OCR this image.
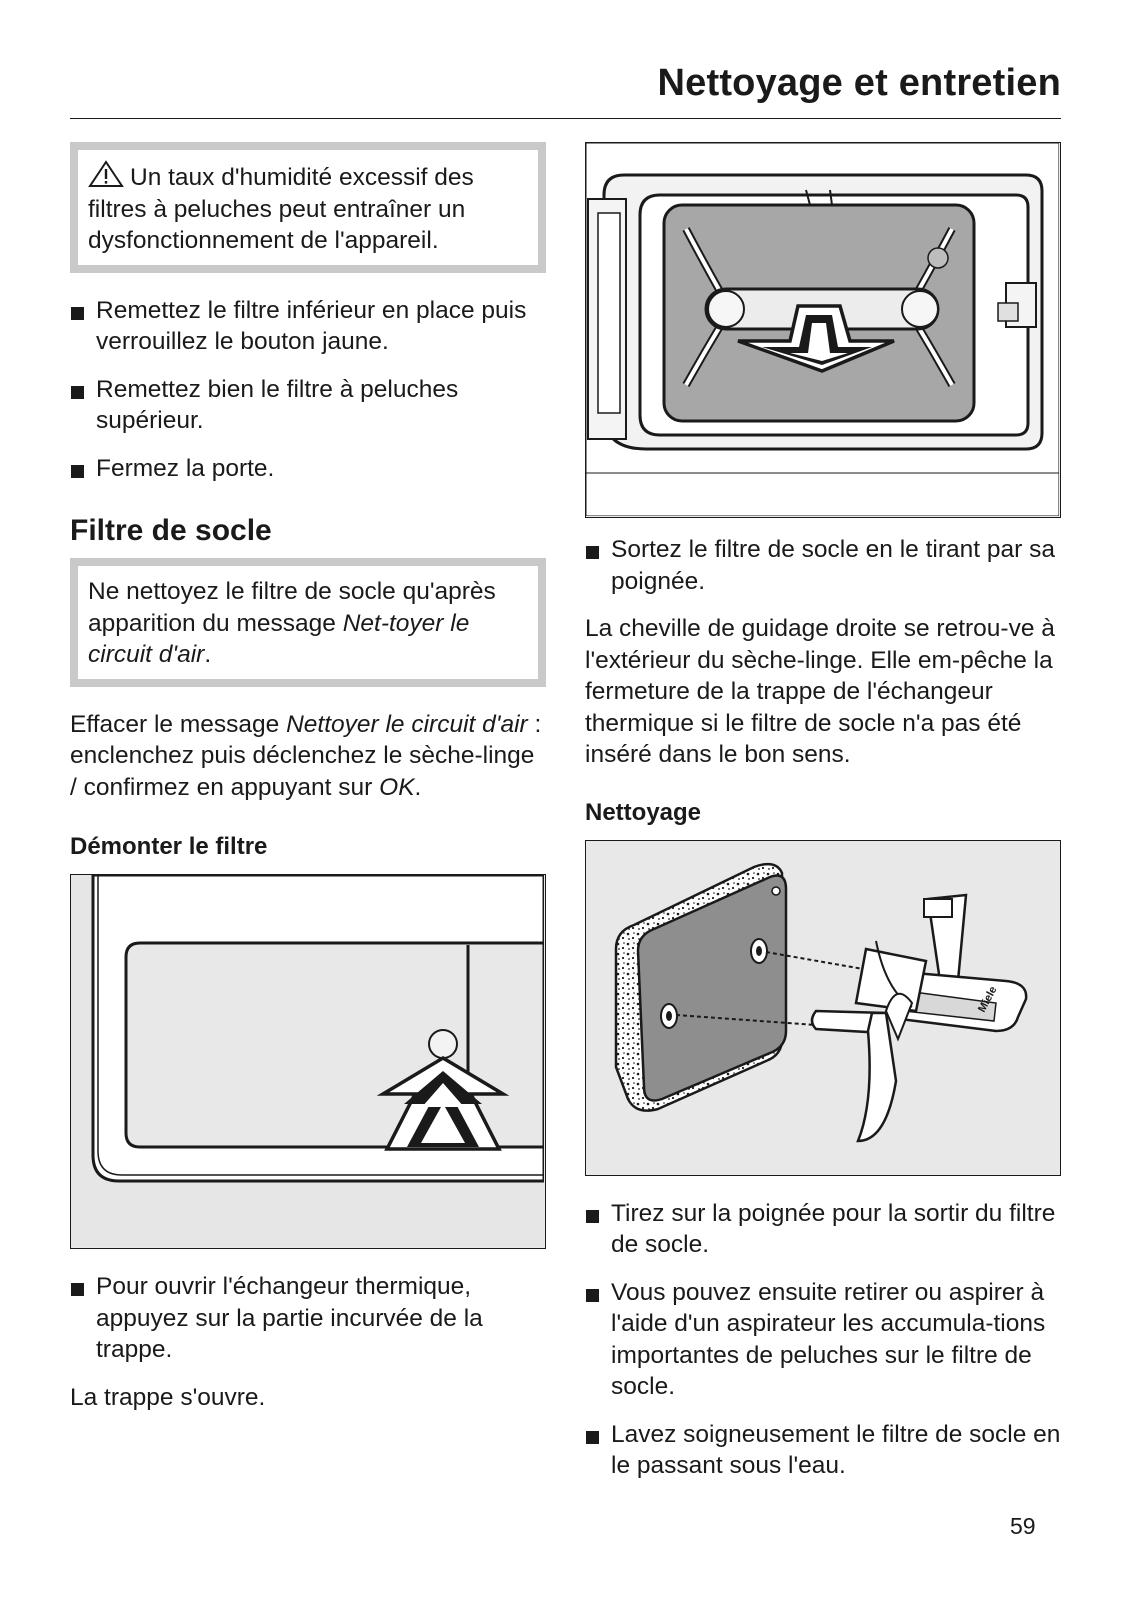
Nettoyage et entretien

Un taux d'humidité excessif des filtres à peluches peut entraîner un dysfonctionnement de l'appareil.

Remettez le filtre inférieur en place puis verrouillez le bouton jaune.

Remettez bien le filtre à peluches supérieur.

Fermez la porte.

Filtre de socle

Ne nettoyez le filtre de socle qu'après apparition du message Net-toyer le circuit d'air.

Effacer le message Nettoyer le circuit d'air : enclenchez puis déclenchez le sèche-linge / confirmez en appuyant sur OK.

Démonter le filtre

Pour ouvrir l'échangeur thermique, appuyez sur la partie incurvée de la trappe.

La trappe s'ouvre.

Sortez le filtre de socle en le tirant par sa poignée.

La cheville de guidage droite se retrou-ve à l'extérieur du sèche-linge. Elle em-pêche la fermeture de la trappe de l'échangeur thermique si le filtre de socle n'a pas été inséré dans le bon sens.

Nettoyage
Miele

Tirez sur la poignée pour la sortir du filtre de socle.

Vous pouvez ensuite retirer ou aspirer à l'aide d'un aspirateur les accumula-tions importantes de peluches sur le filtre de socle.

Lavez soigneusement le filtre de socle en le passant sous l'eau.

59
